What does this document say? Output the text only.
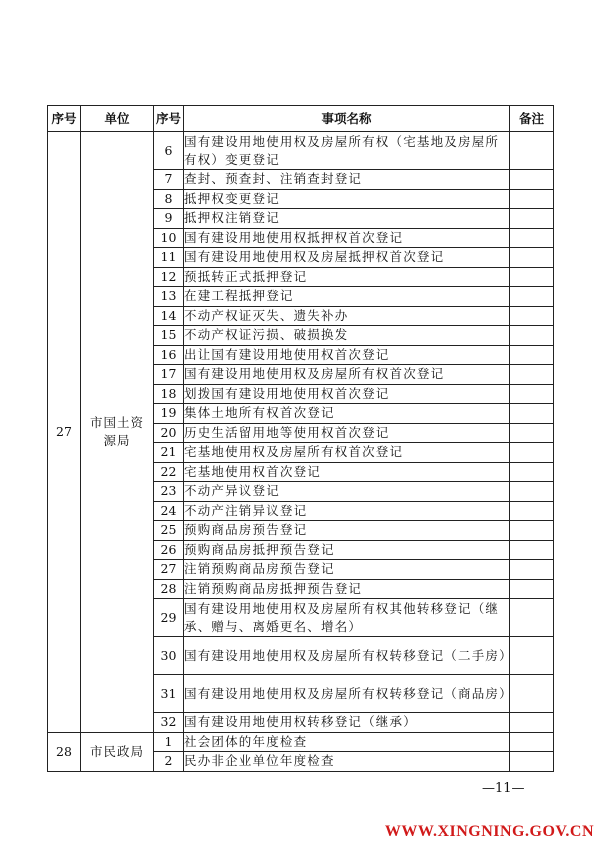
序号	单位	序号	事项名称	备注
27	市国土资源局	6	国有建设用地使用权及房屋所有权（宅基地及房屋所有权）变更登记	
		7	查封、预查封、注销查封登记	
		8	抵押权变更登记	
		9	抵押权注销登记	
		10	国有建设用地使用权抵押权首次登记	
		11	国有建设用地使用权及房屋抵押权首次登记	
		12	预抵转正式抵押登记	
		13	在建工程抵押登记	
		14	不动产权证灭失、遗失补办	
		15	不动产权证污损、破损换发	
		16	出让国有建设用地使用权首次登记	
		17	国有建设用地使用权及房屋所有权首次登记	
		18	划拨国有建设用地使用权首次登记	
		19	集体土地所有权首次登记	
		20	历史生活留用地等使用权首次登记	
		21	宅基地使用权及房屋所有权首次登记	
		22	宅基地使用权首次登记	
		23	不动产异议登记	
		24	不动产注销异议登记	
		25	预购商品房预告登记	
		26	预购商品房抵押预告登记	
		27	注销预购商品房预告登记	
		28	注销预购商品房抵押预告登记	
		29	国有建设用地使用权及房屋所有权其他转移登记（继承、赠与、离婚更名、增名）	
		30	国有建设用地使用权及房屋所有权转移登记（二手房）	
		31	国有建设用地使用权及房屋所有权转移登记（商品房）	
		32	国有建设用地使用权转移登记（继承）	
28	市民政局	1	社会团体的年度检查	
		2	民办非企业单位年度检查	
—11—
WWW.XINGNING.GOV.CN
